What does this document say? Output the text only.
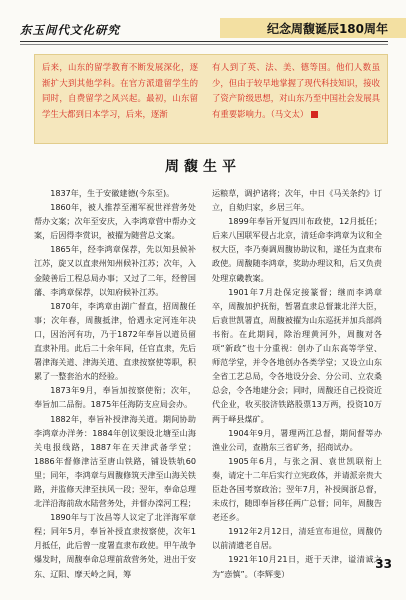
东玉间代文化研究	纪念周馥诞辰180周年
后来，山东的留学教育不断发展深化，逐渐扩大到其他学科。在官方派遣留学生的同时，自费留学之风兴起。最初，山东留学生大都到日本学习，后来，逐渐
有人到了英、法、美、德等国。他们人数虽少，但由于较早地掌握了现代科技知识，接收了资产阶级思想，对山东乃至中国社会发展具有重要影响力。（马文太）
周馥生平

1837年，生于安徽建德(今东至)。

1860年，被人推荐至湘军祝世祥营务处帮办文案；次年至安庆，入李鸿章营中帮办文案，后因得李赏识，被擢为随营总文案。

1865年，经李鸿章保荐，先以知县候补江苏，旋又以直隶州知州候补江苏；次年，入金陵善后工程总局办事；又过了二年，经曾国藩、李鸿章保荐，以知府候补江苏。

1870年，李鸿章由湖广督直，招周馥任事；次年春，周馥抵津，恰遇永定河连年决口，因治河有功，乃于1872年奉旨以道员留直隶补用。此后二十余年间，任官直隶，先后署津海关道、津海关道、直隶按察使等职，积累了一整套治水的经验。

1873年9月，奉旨加按察使衔；次年，奉旨加二品衔。1875年任海防支应局会办。

1882年，奉旨补授津海关道。期间协助李鸿章办洋务：1884年创议架设北塘至山海关电报线路，1887年在天津武备学堂；1886年督修津沽至唐山铁路，铺设铁轨60里；同年，李鸿章与周馥修筑天津至山海关铁路，并监修天津至扶风一段；翌年，奉命总理北洋沿海前敌水陆营务处，并督办滦河工程；

1890年与丁汝昌等人议定了北洋海军章程；同年5月，奉旨补授直隶按察使，次年1月抵任，此后曾一度署直隶布政使。甲午战争爆发时，周馥奉命总理前敌营务处，进出于安东、辽阳、摩天岭之间，筹

运粮草，调护诸将；次年，中日《马关条约》订立，自劾归家，乡居三年。

1899年奉旨开复四川布政使，12月抵任；后来八国联军侵占北京，清廷命李鸿章为议和全权大臣，李乃奏调周馥协助议和，遂任为直隶布政使。周馥随李鸿章，奖助办理议和，后又负责处理京畿教案。

1901年7月赴保定接篆督；继而李鸿章卒，周馥加护抚衔，暂署直隶总督兼北洋大臣，后袁世凯署直，周馥被擢为山东巡抚并加兵部尚书衔。在此期间，除治理黄河外，周馥对各项“新政”也十分重视：创办了山东高等学堂、师范学堂，并令各地创办各类学堂；又设立山东全省工艺总局，令各地设分会、分公司、立农桑总会，令各地建分会；同时，周馥还自己投资近代企业，收买胶济铁路股票13万两，投资10万两于峄县煤矿。

1904年9月，署理两江总督，期间督等办渔业公司，查勘东三省矿务，招商试办。

1905年6月，与张之洞、袁世凯联衔上奏，请定十二年后实行立宪政体，并请派亲贵大臣赴各国考察政治；翌年7月，补授闽浙总督，未成行，随即奉旨移任两广总督；同年，周馥告老还乡。

1912年2月12日，清廷宣布退位，周馥仍以前清遗老自居。

1921年10月21日，逝于天津，谥清诚之为“悫慎”。（李辉斐）

33
